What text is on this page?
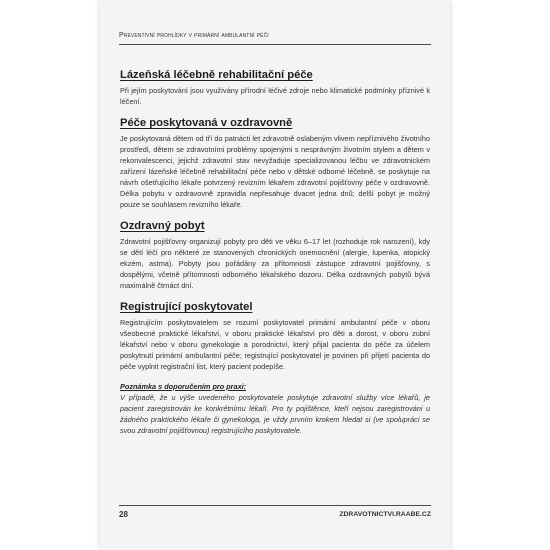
Preventivní prohlídky v primární ambulantní péči
Lázeňská léčebně rehabilitační péče

Při jejím poskytování jsou využívány přírodní léčivé zdroje nebo klimatické podmínky příznivé k léčení.

Péče poskytovaná v ozdravovně

Je poskytovaná dětem od tří do patnácti let zdravotně oslabeným vlivem nepříznivého životního prostředí, dětem se zdravotními problémy spojenými s nesprávným životním stylem a dětem v rekonvalescenci, jejichž zdravotní stav nevyžaduje specializovanou léčbu ve zdravotnickém zařízení lázeňské léčebně rehabilitační péče nebo v dětské odborné léčebně, se poskytuje na návrh ošetřujícího lékaře potvrzený revizním lékařem zdravotní pojišťovny péče v ozdravovně. Délka pobytu v ozdravovně zpravidla nepřesahuje dvacet jedna dnů; delší pobyt je možný pouze se souhlasem revizního lékaře.

Ozdravný pobyt

Zdravotní pojišťovny organizují pobyty pro děti ve věku 6–17 let (rozhoduje rok narození), kdy se dětí léčí pro některé ze stanovených chronických onemocnění (alergie, lupenka, atopický ekzém, astma). Pobyty jsou pořádány za přítomnosti zástupce zdravotní pojišťovny, s dospělými, včetně přítomnosti odborného lékařského dozoru. Délka ozdravných pobytů bývá maximálně čtrnáct dní.

Registrující poskytovatel

Registrujícím poskytovatelem se rozumí poskytovatel primární ambulantní péče v oboru všeobecné praktické lékařství, v oboru praktické lékařství pro děti a dorost, v oboru zubní lékařství nebo v oboru gynekologie a porodnictví, který přijal pacienta do péče za účelem poskytnutí primární ambulantní péče; registrující poskytovatel je povinen při přijetí pacienta do péče vyplnit registrační list, který pacient podepíše.

Poznámka s doporučením pro praxi:

V případě, že u výše uvedeného poskytovatele poskytuje zdravotní služby více lékařů, je pacient zaregistrován ke konkrétnímu lékaři. Pro ty pojištěnce, kteří nejsou zaregistrováni u žádného praktického lékaře či gynekologa, je vždy prvním krokem hledat si (ve spolupráci se svou zdravotní pojišťovnou) registrujícího poskytovatele.

28	ZDRAVOTNICTVI.RAABE.CZ
